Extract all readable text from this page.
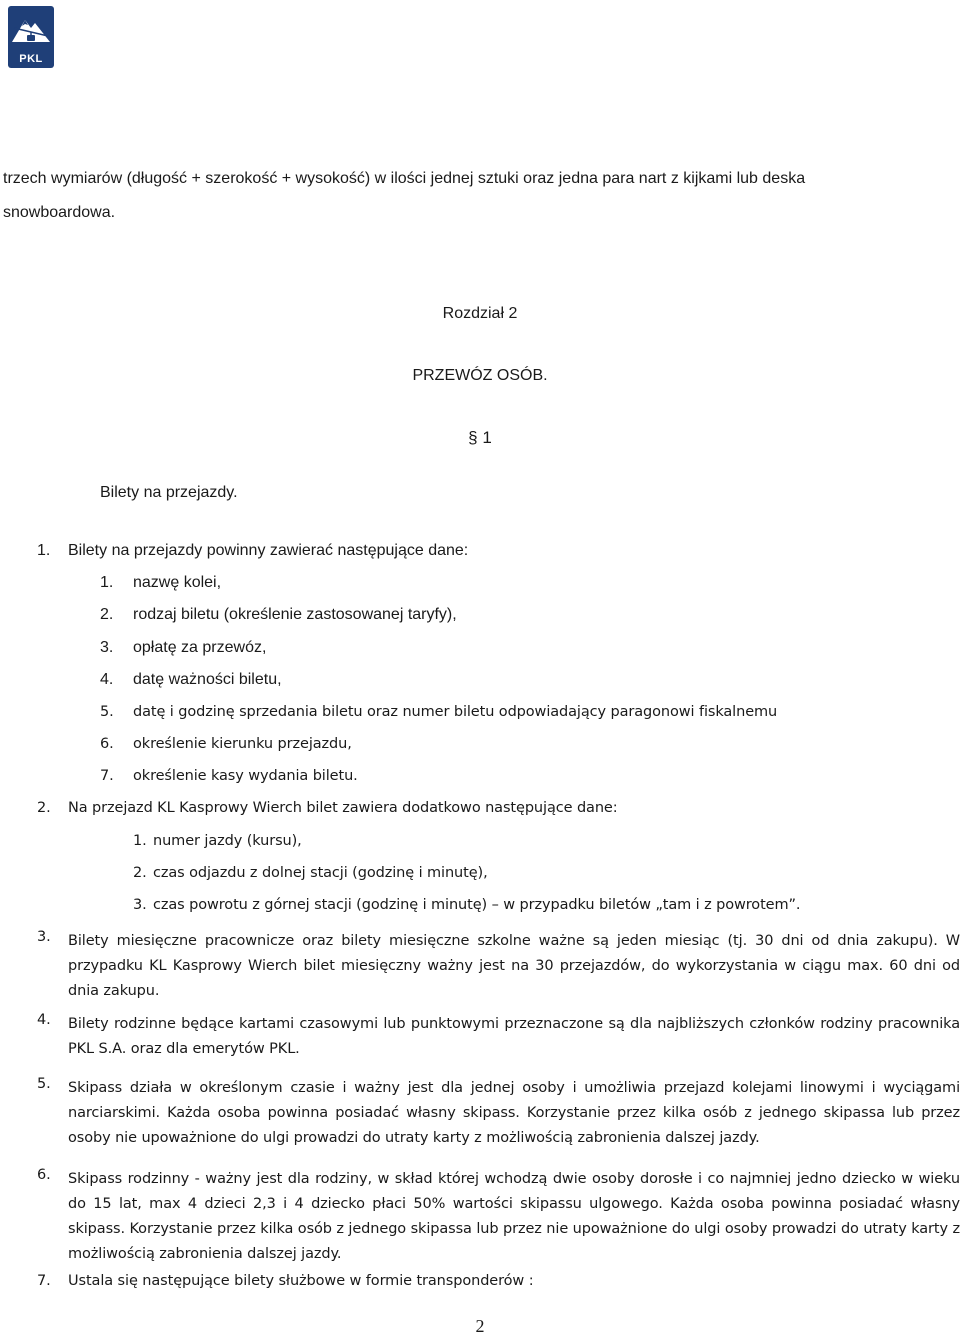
PKL
trzech wymiarów (długość + szerokość + wysokość) w ilości jednej sztuki oraz jedna para nart z kijkami lub deska
snowboardowa.
Rozdział 2
PRZEWÓZ OSÓB.
§ 1
Bilety na przejazdy.
1. Bilety na przejazdy powinny zawierać następujące dane:
1. nazwę kolei,
2. rodzaj biletu (określenie zastosowanej taryfy),
3. opłatę za przewóz,
4. datę ważności biletu,
5. datę i godzinę sprzedania biletu oraz numer biletu odpowiadający paragonowi fiskalnemu
6. określenie kierunku przejazdu,
7. określenie kasy wydania biletu.
2. Na przejazd KL Kasprowy Wierch bilet zawiera dodatkowo następujące dane:
1. numer jazdy (kursu),
2. czas odjazdu z dolnej stacji (godzinę i minutę),
3. czas powrotu z górnej stacji (godzinę i minutę) – w przypadku biletów „tam i z powrotem”.
3. Bilety miesięczne pracownicze oraz bilety miesięczne szkolne ważne są jeden miesiąc (tj. 30 dni od dnia zakupu). W przypadku KL Kasprowy Wierch bilet miesięczny ważny jest na 30 przejazdów, do wykorzystania w ciągu max. 60 dni od dnia zakupu.
4. Bilety rodzinne będące kartami czasowymi lub punktowymi przeznaczone są dla najbliższych członków rodziny pracownika PKL S.A. oraz dla emerytów PKL.
5. Skipass działa w określonym czasie i ważny jest dla jednej osoby i umożliwia przejazd kolejami linowymi i wyciągami narciarskimi. Każda osoba powinna posiadać własny skipass. Korzystanie przez kilka osób z jednego skipassa lub przez osoby nie upoważnione do ulgi prowadzi do utraty karty z możliwością zabronienia dalszej jazdy.
6. Skipass rodzinny - ważny jest dla rodziny, w skład której wchodzą dwie osoby dorosłe i co najmniej jedno dziecko w wieku do 15 lat, max 4 dzieci 2,3 i 4 dziecko płaci 50% wartości skipassu ulgowego. Każda osoba powinna posiadać własny skipass. Korzystanie przez kilka osób z jednego skipassa lub przez nie upoważnione do ulgi osoby prowadzi do utraty karty z możliwością zabronienia dalszej jazdy.
7. Ustala się następujące bilety służbowe w formie transponderów :
2
